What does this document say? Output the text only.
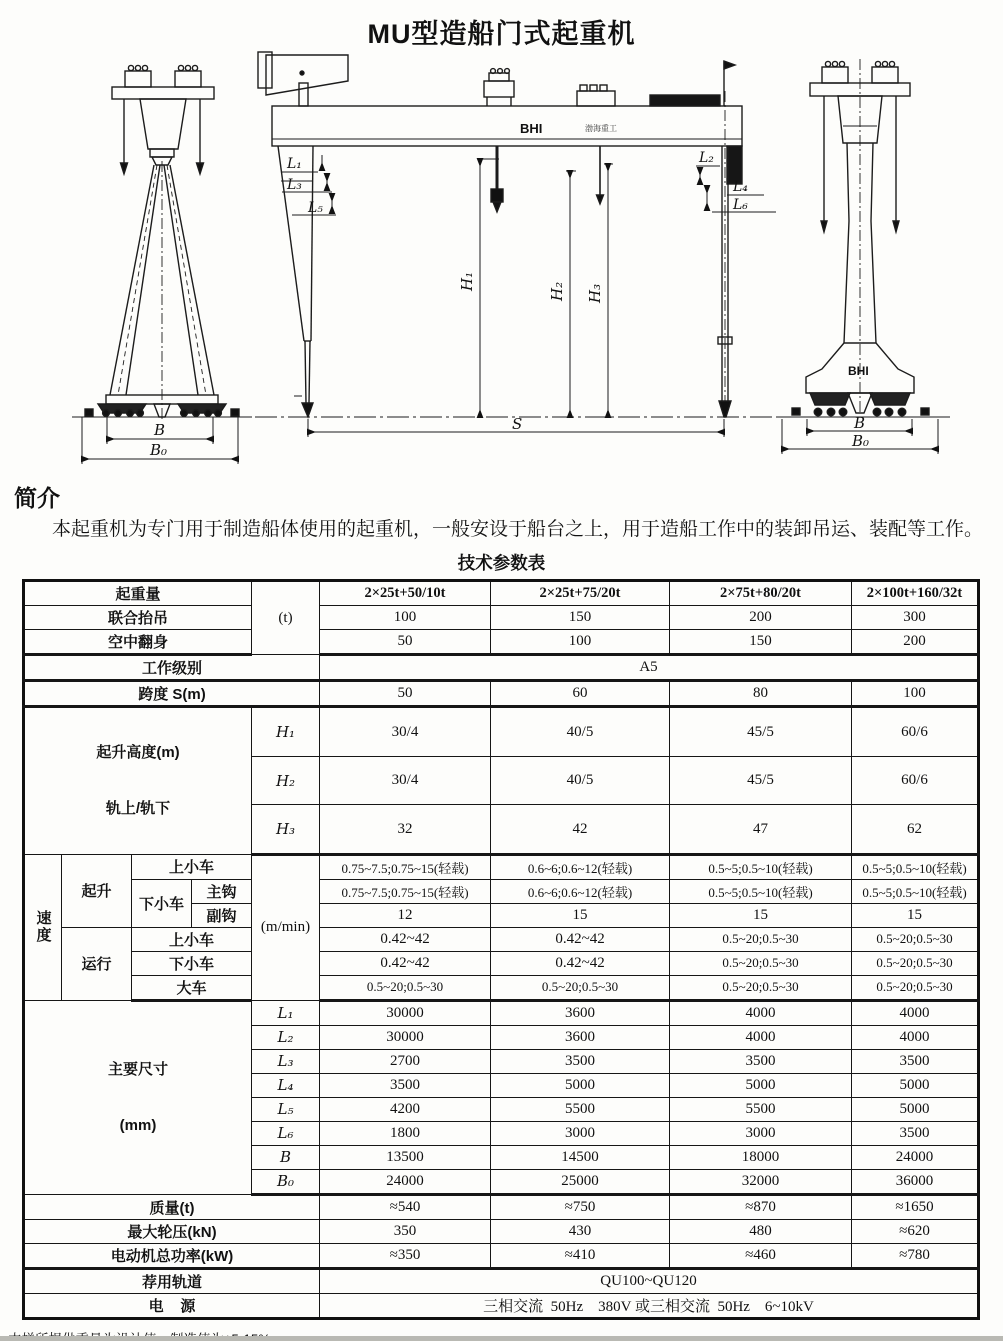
MU型造船门式起重机
BHI	渤海重工
BHI
L₁
L₃
L₅
L₂
L₄
L₆
H₁
H₂ H₃
S
B
B₀
B
B₀
简介
本起重机为专门用于制造船体使用的起重机，一般安设于船台之上，用于造船工作中的装卸吊运、装配等工作。
技术参数表
起重量				(t)	2×25t+50/10t	2×25t+75/20t	2×75t+80/20t	2×100t+160/32t
联合抬吊					100	150	200	300
空中翻身					50	100	150	200
工作级别					A5			
跨度 S(m)					50	60	80	100

起升高度(m)

轨上/轨下				H₁	30/4	40/5	45/5	60/6
				H₂	30/4	40/5	45/5	60/6
				H₃	32	42	47	62
速度	起升	上小车		(m/min)	0.75~7.5;0.75~15(轻载)	0.6~6;0.6~12(轻载)	0.5~5;0.5~10(轻载)	0.5~5;0.5~10(轻载)
		下小车	主钩		0.75~7.5;0.75~15(轻载)	0.6~6;0.6~12(轻载)	0.5~5;0.5~10(轻载)	0.5~5;0.5~10(轻载)
			副钩		12	15	15	15
	运行	上小车			0.42~42	0.42~42	0.5~20;0.5~30	0.5~20;0.5~30
		下小车			0.42~42	0.42~42	0.5~20;0.5~30	0.5~20;0.5~30
		大车			0.5~20;0.5~30	0.5~20;0.5~30	0.5~20;0.5~30	0.5~20;0.5~30

主要尺寸

(mm)				L₁	30000	3600	4000	4000
				L₂	30000	3600	4000	4000
				L₃	2700	3500	3500	3500
				L₄	3500	5000	5000	5000
				L₅	4200	5500	5500	5000
				L₆	1800	3000	3000	3500
				B	13500	14500	18000	24000
				B₀	24000	25000	32000	36000
质量(t)					≈540	≈750	≈870	≈1650
最大轮压(kN)					350	430	480	≈620
电动机总功率(kW)					≈350	≈410	≈460	≈780
荐用轨道					QU100~QU120			
电    源					三相交流  50Hz    380V 或三相交流  50Hz    6~10kV			
